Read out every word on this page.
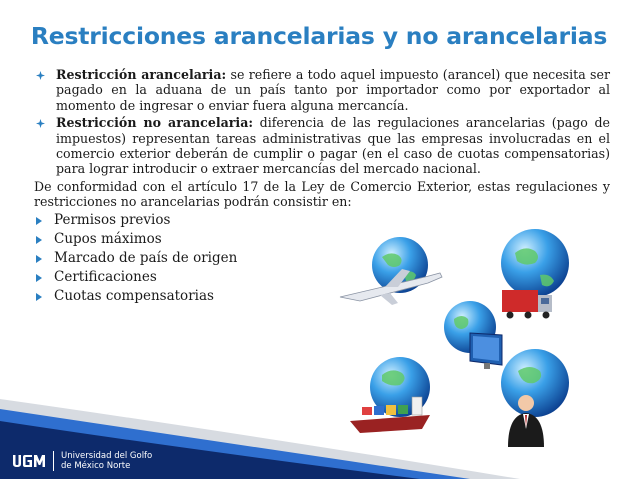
Restricciones arancelarias y no arancelarias
Restricción arancelaria: se refiere a todo aquel impuesto (arancel) que necesita ser pagado en la aduana de un país tanto por importador como por exportador al momento de ingresar o enviar fuera alguna mercancía.
Restricción no arancelaria: diferencia de las regulaciones arancelarias (pago de impuestos) representan tareas administrativas que las empresas involucradas en el comercio exterior deberán de cumplir o pagar (en el caso de cuotas compensatorias) para lograr introducir o extraer mercancías del mercado nacional.

De conformidad con el artículo 17 de la Ley de Comercio Exterior, estas regulaciones y restricciones no arancelarias podrán consistir en:

Permisos previos
Cupos máximos
Marcado de país de origen
Certificaciones
Cuotas compensatorias
Universidad del Golfo
de México Norte
